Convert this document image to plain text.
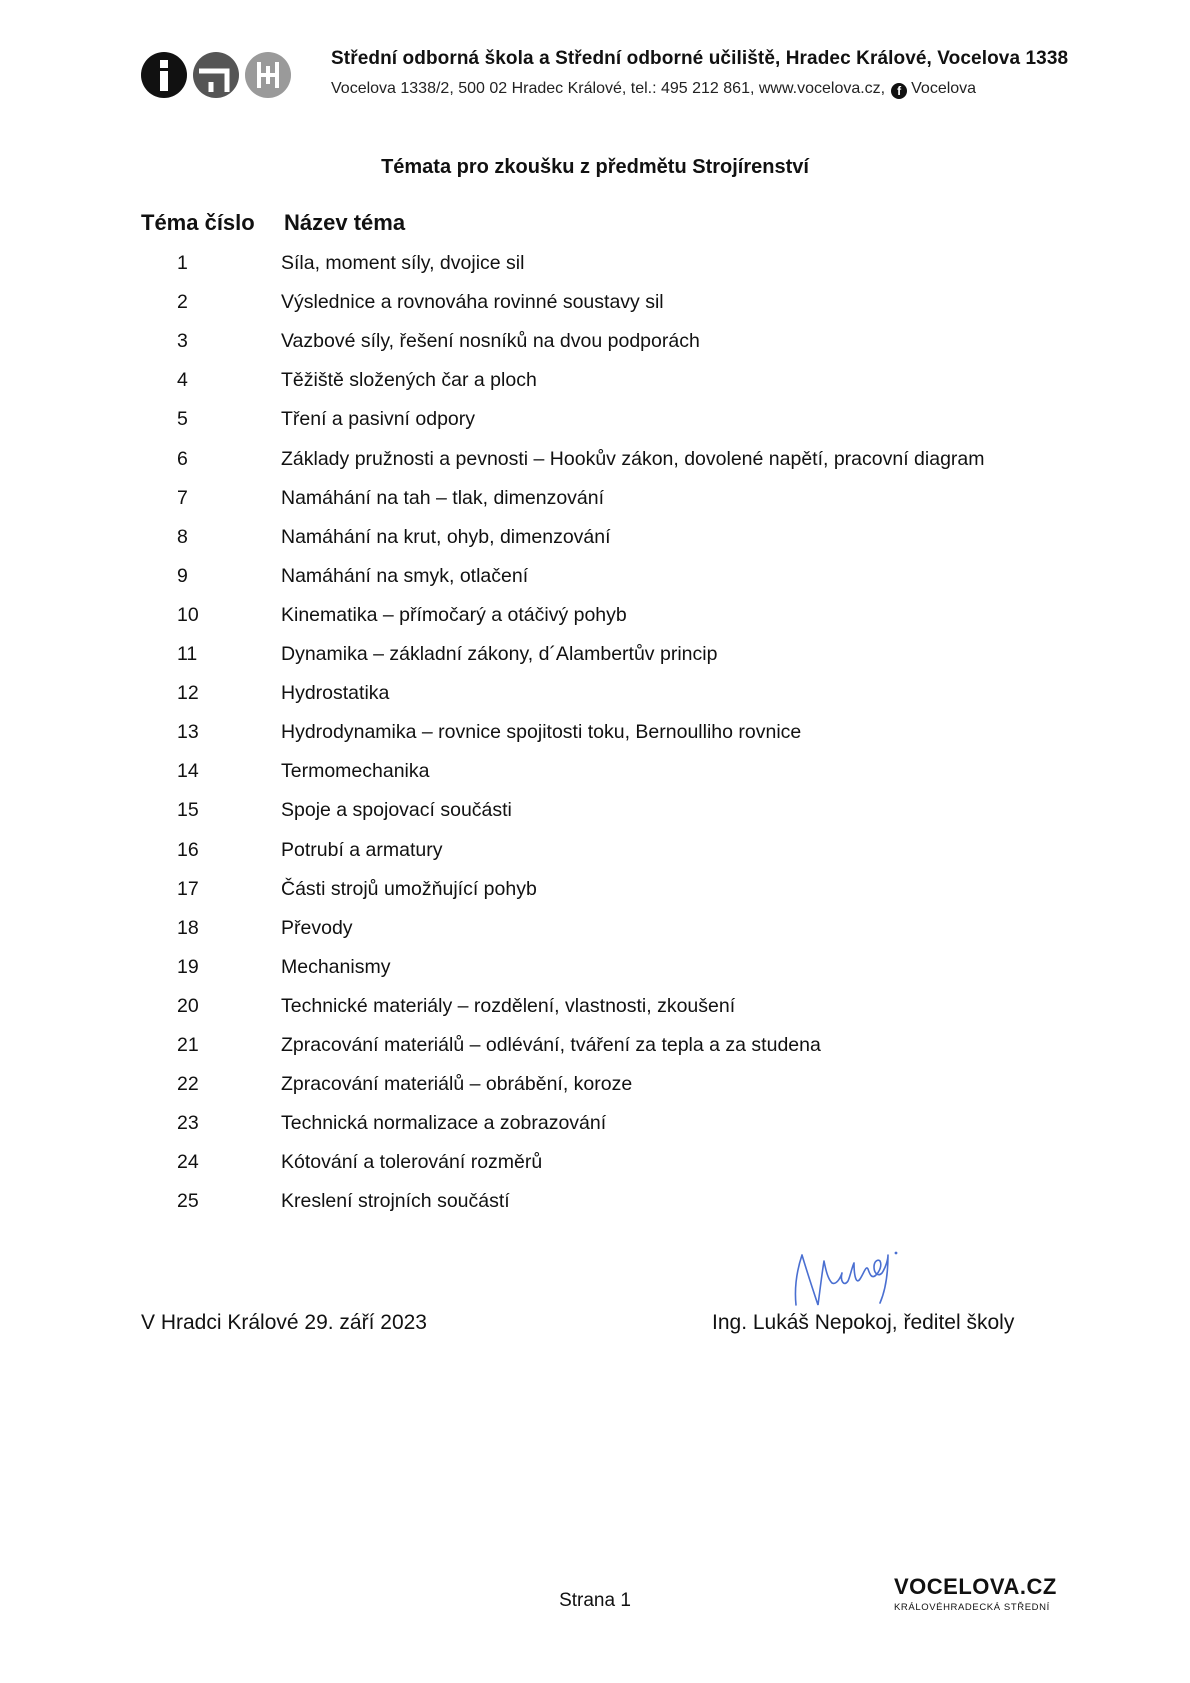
Střední odborná škola a Střední odborné učiliště, Hradec Králové, Vocelova 1338
Vocelova 1338/2, 500 02 Hradec Králové, tel.: 495 212 861, www.vocelova.cz, f Vocelova
Témata pro zkoušku z předmětu Strojírenství
Téma číslo Název téma
1	Síla, moment síly, dvojice sil
2	Výslednice a rovnováha rovinné soustavy sil
3	Vazbové síly, řešení nosníků na dvou podporách
4	Těžiště složených čar a ploch
5	Tření a pasivní odpory
6	Základy pružnosti a pevnosti – Hookův zákon, dovolené napětí, pracovní diagram
7	Namáhání na tah – tlak, dimenzování
8	Namáhání na krut, ohyb, dimenzování
9	Namáhání na smyk, otlačení
10	Kinematika – přímočarý a otáčivý pohyb
11	Dynamika – základní zákony, d´Alambertův princip
12	Hydrostatika
13	Hydrodynamika – rovnice spojitosti toku, Bernoulliho rovnice
14	Termomechanika
15	Spoje a spojovací součásti
16	Potrubí a armatury
17	Části strojů umožňující pohyb
18	Převody
19	Mechanismy
20	Technické materiály – rozdělení, vlastnosti, zkoušení
21	Zpracování materiálů – odlévání, tváření za tepla a za studena
22	Zpracování materiálů – obrábění, koroze
23	Technická normalizace a zobrazování
24	Kótování a tolerování rozměrů
25	Kreslení strojních součástí
V Hradci Králové 29. září 2023	Ing. Lukáš Nepokoj, ředitel školy
Strana 1
VOCELOVA.CZ
KRÁLOVÉHRADECKÁ STŘEDNÍ
